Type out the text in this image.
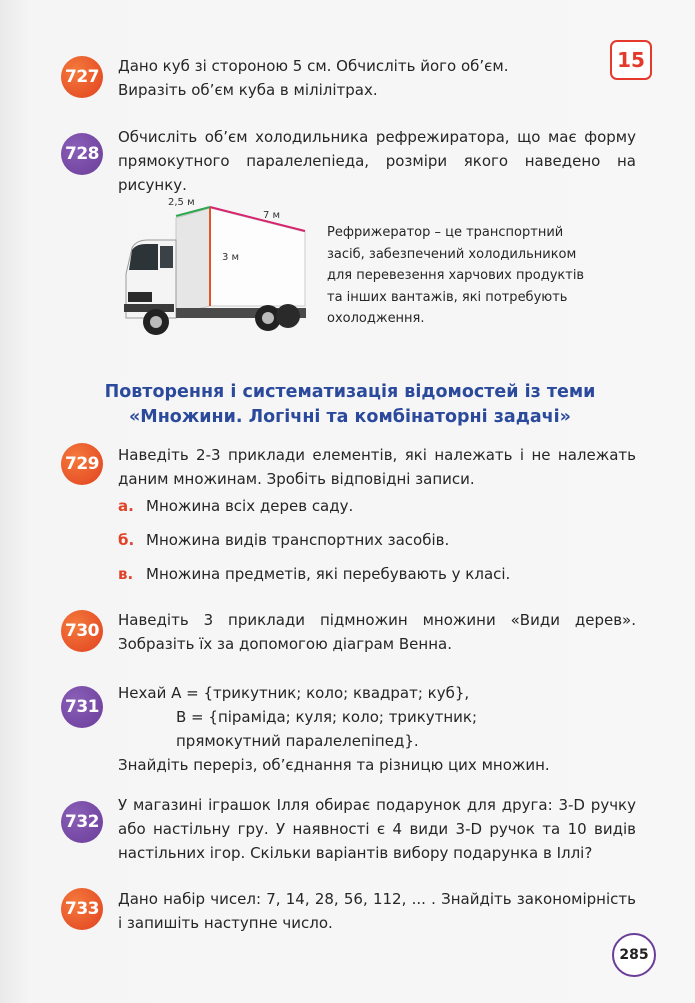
15
727

Дано куб зі стороною 5 см. Обчисліть його об’єм.

Виразіть об’єм куба в мілілітрах.

728

Обчисліть об’єм холодильника рефрежиратора, що має форму

прямокутного паралелепіеда, розміри якого наведено на

рисунку.

2,5 м
7 м
3 м
Рефрижератор – це транспортний
засіб, забезпечений холодильником
для перевезення харчових продуктів
та інших вантажів, які потребують
охолодження.
Повторення і систематизація відомостей із теми
«Множини. Логічні та комбінаторні задачі»
729 Наведіть 2-3 приклади елементів, які належать і не належать

даним множинам. Зробіть відповідні записи.

а. Множина всіх дерев саду.
б. Множина видів транспортних засобів.
в. Множина предметів, які перебувають у класі.
730

Наведіть 3 приклади підмножин множини «Види дерев».

Зобразіть їх за допомогою діаграм Венна.

731

Нехай A = {трикутник; коло; квадрат; куб},

B = {піраміда; куля; коло; трикутник;

прямокутний паралелепіпед}.

Знайдіть переріз, об’єднання та різницю цих множин.

732

У магазині іграшок Ілля обирає подарунок для друга: 3-D ручку

або настільну гру. У наявності є 4 види 3-D ручок та 10 видів

настільних ігор. Скільки варіантів вибору подарунка в Іллі?

733 Дано набір чисел: 7, 14, 28, 56, 112, ... . Знайдіть закономірність

і запишіть наступне число.

285
